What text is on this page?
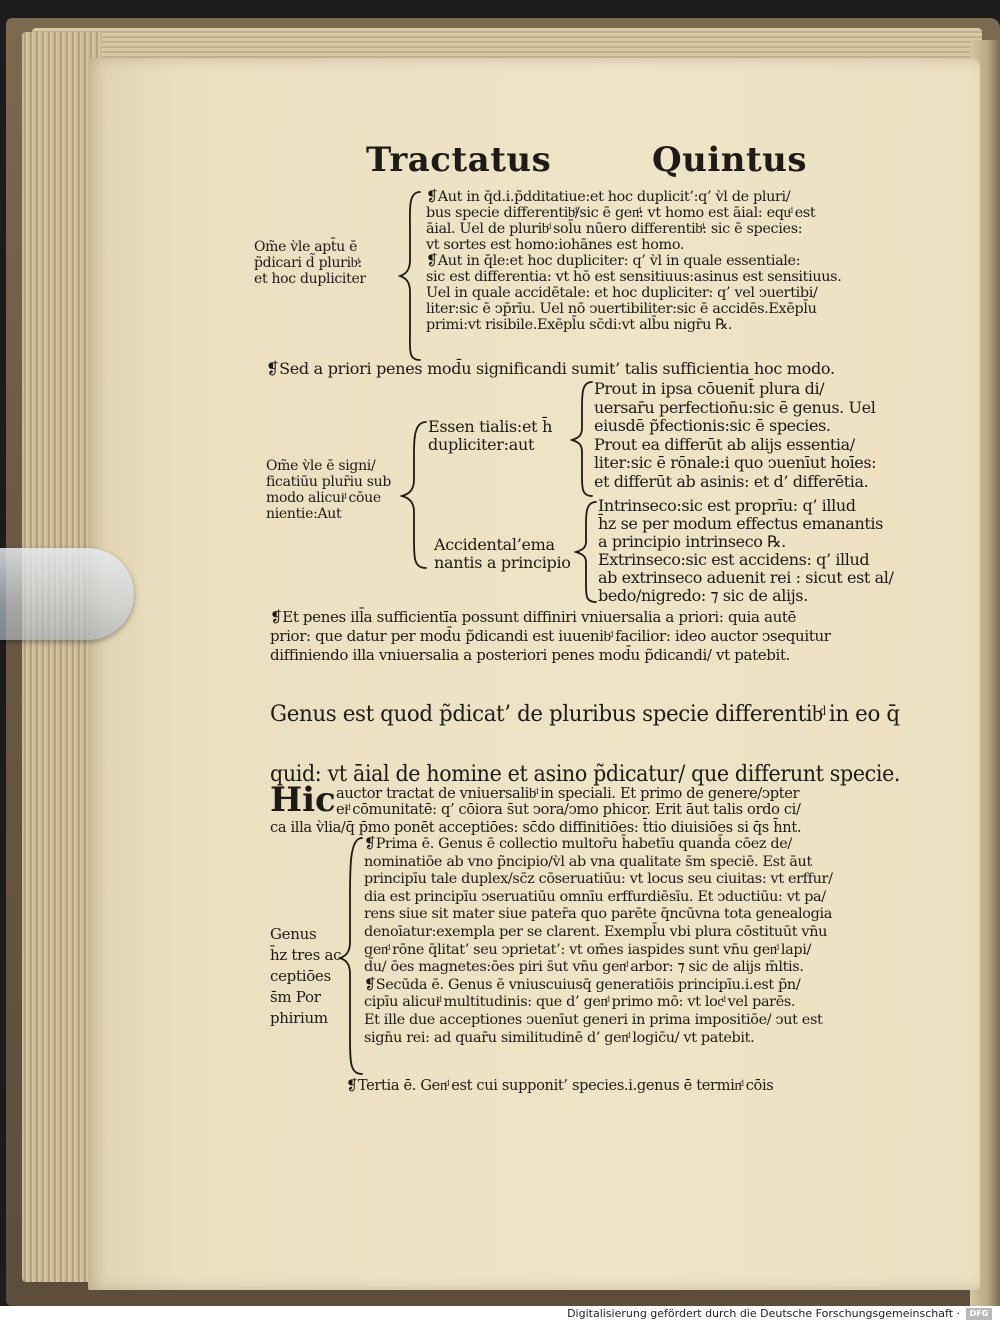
Tractatus	Quintus
Om̃e v̀le apt̄u ē
p̃dicari d̃ pluribͩ:
et hoc dupliciter
❡Aut in q̄d.i.p̃dditatiue:et hoc duplicit’:q’ v̀l de pluri/
bus specie differentibͩ/sic ē genͩ: vt homo est āial: equͩ est
āial. Uel de pluribͩ sol̄u nūero differentibͩ: sic ē species:
vt sortes est homo:iohānes est homo.
❡Aut in q̄le:et hoc dupliciter: q’ v̀l in quale essentiale:
sic est differentia: vt hō est sensitiuus:asinus est sensitiuus.
Uel in quale accidētale: et hoc dupliciter: q’ vel ↄuertibi/
liter:sic ē ↄp̄rīu. Uel nō ↄuertibiliter:sic ē accidēs.Exēpl̄u
primi:vt risibile.Exēpl̄u sc̄di:vt alb̄u nigr̄u ℞.
❡Sed a priori penes mod̄u significandi sumit’ talis sufficientia hoc modo.
Om̃e v̀le ē signi/
ficatiūu plur̄iu sub
modo alicuiͩ cōue
nientie:Aut
Essen tialis:et h̄
dupliciter:aut
Accidental’ema
nantis a principio
Prout in ipsa cōuenit̄ plura di/
uersar̄u perfection̄u:sic ē genus. Uel
eiusdē p̃fectionis:sic ē species.
Prout ea differūt ab alijs essentia/
liter:sic ē rōnale:i quo ↄuenīut hoīes:
et differūt ab asinis: et d’ differētia.
Intrinseco:sic est proprīu: q’ illud
h̄z se per modum effectus emanantis
a principio intrinseco ℞.
Extrinseco:sic est accidens: q’ illud
ab extrinseco aduenit rei : sicut est al/
bedo/nigredo: ⁊ sic de alijs.
❡Et penes ill̄a sufficientīa possunt diffiniri vniuersalia a priori: quia autē
prior: que datur per mod̄u p̃dicandi est iuuenibͩ facilior: ideo auctor ↄsequitur
diffiniendo illa vniuersalia a posteriori penes mod̄u p̃dicandi/ vt patebit.
Genus est quod p̃dicat’ de pluribus specie differentibͩ in eo q̄
quid: vt āial de homine et asino p̃dicatur/ que differunt specie.
Hic auctor tractat de vniuersalibͩ in speciali. Et primo de genere/ↄpter
eiͩ cōmunitatē: q’ cōiora s̄ut ↄora/ↄmo phicor. Erit āut talis ordo ci/
ca illa v̀lia/q̄ p̄mo ponēt acceptiōes: sc̄do diffinitiōes: t̄tio diuisiōes si q̄s h̄nt.
Genus
h̄z tres ac
ceptiōes
s̄m Por
phirium
❡Prima ē. Genus ē collectio multor̄u h̄abetīu quand̄a cōez de/
nominatiōe ab vno p̃ncipio/v̀l ab vna qualitate s̄m speciē. Est āut
principīu tale duplex/sc̄z cōseruatiūu: vt locus seu ciuitas: vt erffur/
dia est principīu ↄseruatiūu omnīu erffurdiēsīu. Et ↄductiūu: vt pa/
rens siue sit mater siue pater̄a quo parēte q̄ncūvna tota genealogia
denoīatur:exempla per se clarent. Exempl̄u vbi plura cōstituūt vn̄u
genͩ rōne q̄litat’ seu ↄprietat’: vt om̄es iaspides sunt vn̄u genͩ lapi/
d̄u/ ōes magnetes:ōes piri s̄ut vn̄u genͩ arbor: ⁊ sic de alijs m̄ltis.
❡Secūda ē. Genus ē vniuscuiusq̄ generatiōis principīu.i.est p̃n/
cipīu alicuiͩ multitudinis: que d’ genͩ primo mō: vt locͩ vel parēs.
Et ille due acceptiones ↄuenīut generi in prima impositiōe/ ↄut est
sign̄u rei: ad quar̄u similitudinē d’ genͩ logic̄u/ vt patebit.
❡Tertia ē. Genͩ est cui supponit’ species.i.genus ē terminͩ cōis
Digitalisierung gefördert durch die Deutsche Forschungsgemeinschaft ·	DFG
